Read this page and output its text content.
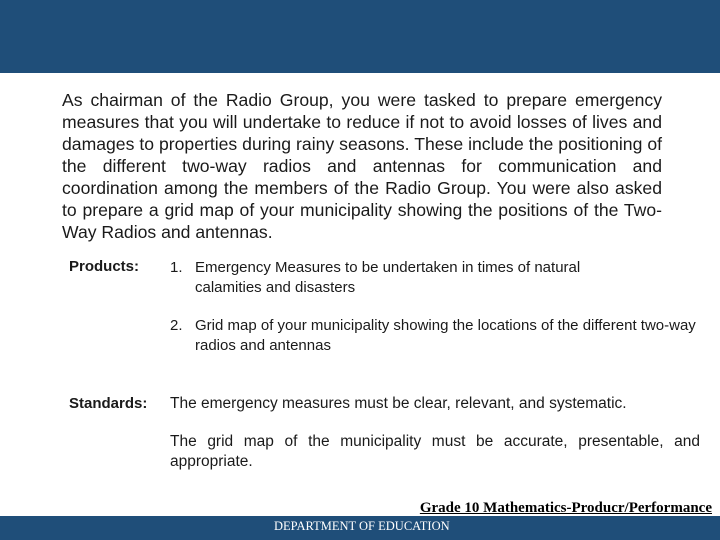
As chairman of the Radio Group, you were tasked to prepare emergency measures that you will undertake to reduce if not to avoid losses of lives and damages to properties during rainy seasons. These include the positioning of the different two-way radios and antennas for communication and coordination among the members of the Radio Group. You were also asked to prepare a grid map of your municipality showing the positions of the Two-Way Radios and antennas.

Products: 1. Emergency Measures to be undertaken in times of natural calamities and disasters
2. Grid map of your municipality showing the locations of the different two-way radios and antennas
Standards: The emergency measures must be clear, relevant, and systematic.

The grid map of the municipality must be accurate, presentable, and appropriate.

Grade 10 Mathematics-Producr/Performance
DEPARTMENT OF EDUCATION
